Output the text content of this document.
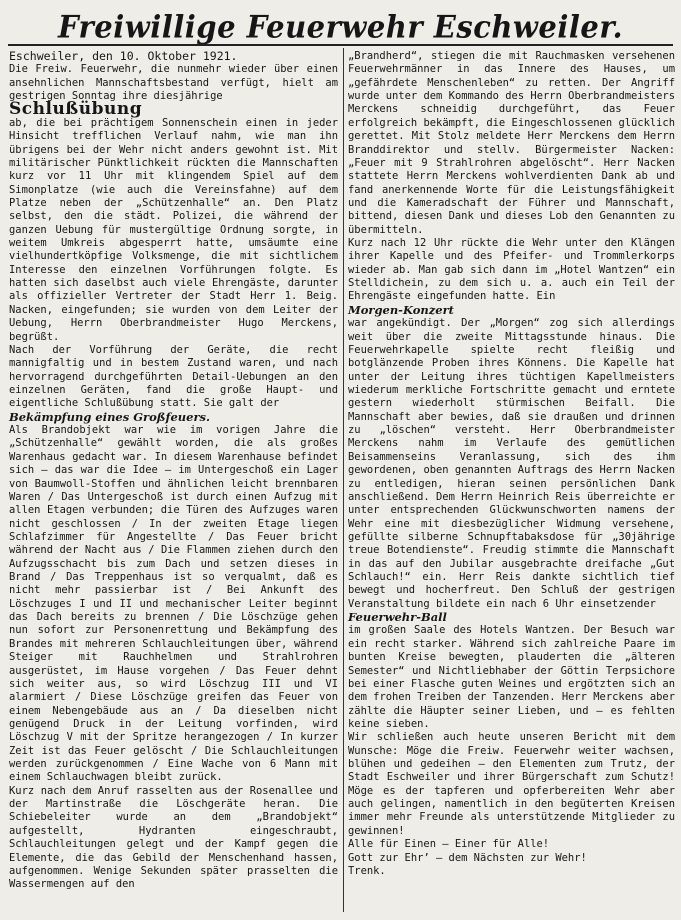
Freiwillige Feuerwehr Eschweiler.

Eschweiler, den 10. Oktober 1921.

Die Freiw. Feuerwehr, die nunmehr wieder über einen ansehnlichen Mannschaftsbestand verfügt, hielt am gestrigen Sonntag ihre diesjährige

Schlußübung

ab, die bei prächtigem Sonnenschein einen in jeder Hinsicht trefflichen Verlauf nahm, wie man ihn übrigens bei der Wehr nicht anders gewohnt ist. Mit militärischer Pünktlichkeit rückten die Mannschaften kurz vor 11 Uhr mit klingendem Spiel auf dem Simonplatze (wie auch die Vereinsfahne) auf dem Platze neben der „Schützenhalle“ an. Den Platz selbst, den die städt. Polizei, die während der ganzen Uebung für mustergültige Ordnung sorgte, in weitem Umkreis abgesperrt hatte, umsäumte eine vielhundertköpfige Volksmenge, die mit sichtlichem Interesse den einzelnen Vorführungen folgte. Es hatten sich daselbst auch viele Ehrengäste, darunter als offizieller Vertreter der Stadt Herr 1. Beig. Nacken, eingefunden; sie wurden von dem Leiter der Uebung, Herrn Oberbrandmeister Hugo Merckens, begrüßt.

Nach der Vorführung der Geräte, die recht mannigfaltig und in bestem Zustand waren, und nach hervorragend durchgeführten Detail-Uebungen an den einzelnen Geräten, fand die große Haupt- und eigentliche Schlußübung statt. Sie galt der

Bekämpfung eines Großfeuers.

Als Brandobjekt war wie im vorigen Jahre die „Schützenhalle“ gewählt worden, die als großes Warenhaus gedacht war. In diesem Warenhause befindet sich — das war die Idee — im Untergeschoß ein Lager von Baumwoll-Stoffen und ähnlichen leicht brennbaren Waren / Das Untergeschoß ist durch einen Aufzug mit allen Etagen verbunden; die Türen des Aufzuges waren nicht geschlossen / In der zweiten Etage liegen Schlafzimmer für Angestellte / Das Feuer bricht während der Nacht aus / Die Flammen ziehen durch den Aufzugsschacht bis zum Dach und setzen dieses in Brand / Das Treppenhaus ist so verqualmt, daß es nicht mehr passierbar ist / Bei Ankunft des Löschzuges I und II und mechanischer Leiter beginnt das Dach bereits zu brennen / Die Löschzüge gehen nun sofort zur Personenrettung und Bekämpfung des Brandes mit mehreren Schlauchleitungen über, während Steiger mit Rauchhelmen und Strahlrohren ausgerüstet, im Hause vorgehen / Das Feuer dehnt sich weiter aus, so wird Löschzug III und VI alarmiert / Diese Löschzüge greifen das Feuer von einem Nebengebäude aus an / Da dieselben nicht genügend Druck in der Leitung vorfinden, wird Löschzug V mit der Spritze herangezogen / In kurzer Zeit ist das Feuer gelöscht / Die Schlauchleitungen werden zurückgenommen / Eine Wache von 6 Mann mit einem Schlauchwagen bleibt zurück.

Kurz nach dem Anruf rasselten aus der Rosenallee und der Martinstraße die Löschgeräte heran. Die Schiebeleiter wurde an dem „Brandobjekt“ aufgestellt, Hydranten eingeschraubt, Schlauchleitungen gelegt und der Kampf gegen die Elemente, die das Gebild der Menschenhand hassen, aufgenommen. Wenige Sekunden später prasselten die Wassermengen auf den

„Brandherd“, stiegen die mit Rauchmasken versehenen Feuerwehrmänner in das Innere des Hauses, um „gefährdete Menschenleben“ zu retten. Der Angriff wurde unter dem Kommando des Herrn Oberbrandmeisters Merckens schneidig durchgeführt, das Feuer erfolgreich bekämpft, die Eingeschlossenen glücklich gerettet. Mit Stolz meldete Herr Merckens dem Herrn Branddirektor und stellv. Bürgermeister Nacken: „Feuer mit 9 Strahlrohren abgelöscht“. Herr Nacken stattete Herrn Merckens wohlverdienten Dank ab und fand anerkennende Worte für die Leistungsfähigkeit und die Kameradschaft der Führer und Mannschaft, bittend, diesen Dank und dieses Lob den Genannten zu übermitteln.

Kurz nach 12 Uhr rückte die Wehr unter den Klängen ihrer Kapelle und des Pfeifer- und Trommlerkorps wieder ab. Man gab sich dann im „Hotel Wantzen“ ein Stelldichein, zu dem sich u. a. auch ein Teil der Ehrengäste eingefunden hatte. Ein

Morgen-Konzert

war angekündigt. Der „Morgen“ zog sich allerdings weit über die zweite Mittagsstunde hinaus. Die Feuerwehrkapelle spielte recht fleißig und botglänzende Proben ihres Könnens. Die Kapelle hat unter der Leitung ihres tüchtigen Kapellmeisters wiederum merkliche Fortschritte gemacht und erntete gestern wiederholt stürmischen Beifall. Die Mannschaft aber bewies, daß sie draußen und drinnen zu „löschen“ versteht. Herr Oberbrandmeister Merckens nahm im Verlaufe des gemütlichen Beisammenseins Veranlassung, sich des ihm gewordenen, oben genannten Auftrags des Herrn Nacken zu entledigen, hieran seinen persönlichen Dank anschließend. Dem Herrn Heinrich Reis überreichte er unter entsprechenden Glückwunschworten namens der Wehr eine mit diesbezüglicher Widmung versehene, gefüllte silberne Schnupftabaksdose für „30jährige treue Botendienste“. Freudig stimmte die Mannschaft in das auf den Jubilar ausgebrachte dreifache „Gut Schlauch!“ ein. Herr Reis dankte sichtlich tief bewegt und hocherfreut. Den Schluß der gestrigen Veranstaltung bildete ein nach 6 Uhr einsetzender

Feuerwehr-Ball

im großen Saale des Hotels Wantzen. Der Besuch war ein recht starker. Während sich zahlreiche Paare im bunten Kreise bewegten, plauderten die „älteren Semester“ und Nichtliebhaber der Göttin Terpsichore bei einer Flasche guten Weines und ergötzten sich an dem frohen Treiben der Tanzenden. Herr Merckens aber zählte die Häupter seiner Lieben, und — es fehlten keine sieben.

Wir schließen auch heute unseren Bericht mit dem Wunsche: Möge die Freiw. Feuerwehr weiter wachsen, blühen und gedeihen — den Elementen zum Trutz, der Stadt Eschweiler und ihrer Bürgerschaft zum Schutz! Möge es der tapferen und opferbereiten Wehr aber auch gelingen, namentlich in den begüterten Kreisen immer mehr Freunde als unterstützende Mitglieder zu gewinnen!

Alle für Einen — Einer für Alle!

Gott zur Ehr’ — dem Nächsten zur Wehr!

Trenk.
